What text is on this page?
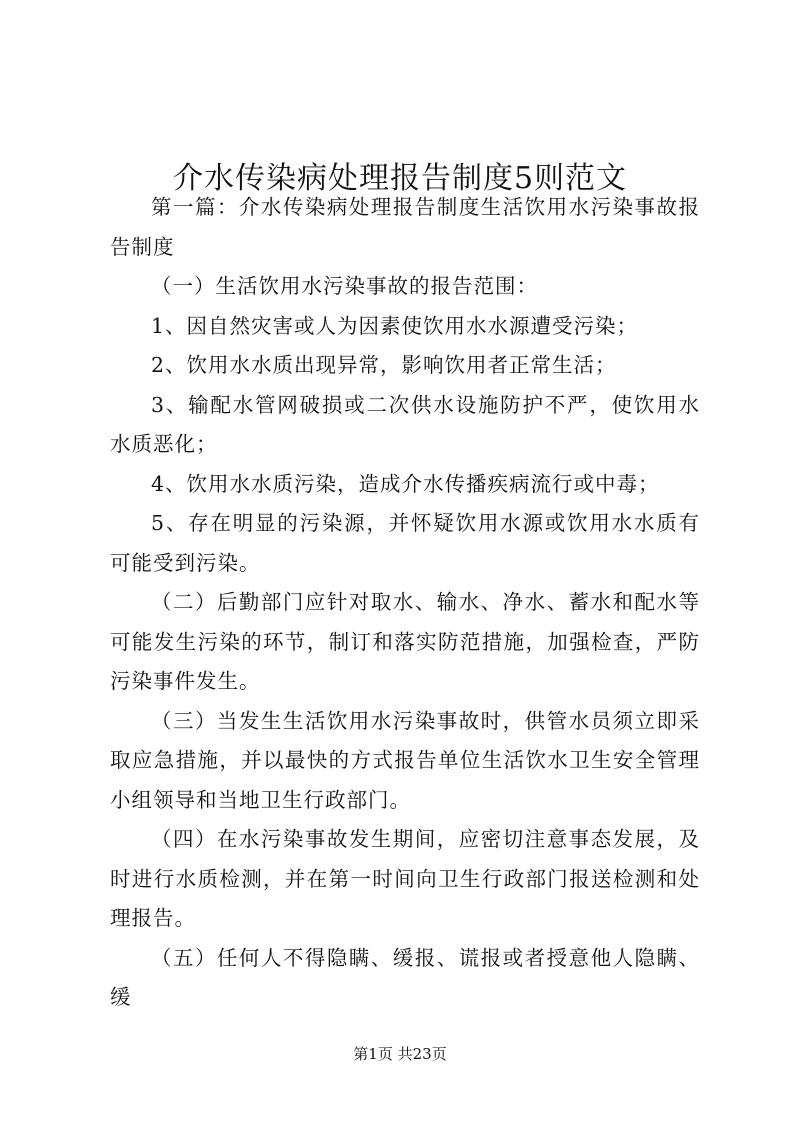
介水传染病处理报告制度5则范文

第一篇：介水传染病处理报告制度生活饮用水污染事故报告制度

（一）生活饮用水污染事故的报告范围：

1、因自然灾害或人为因素使饮用水水源遭受污染；

2、饮用水水质出现异常，影响饮用者正常生活；

3、输配水管网破损或二次供水设施防护不严，使饮用水水质恶化；

4、饮用水水质污染，造成介水传播疾病流行或中毒；

5、存在明显的污染源，并怀疑饮用水源或饮用水水质有可能受到污染。

（二）后勤部门应针对取水、输水、净水、蓄水和配水等可能发生污染的环节，制订和落实防范措施，加强检查，严防污染事件发生。

（三）当发生生活饮用水污染事故时，供管水员须立即采取应急措施，并以最快的方式报告单位生活饮水卫生安全管理小组领导和当地卫生行政部门。

（四）在水污染事故发生期间，应密切注意事态发展，及时进行水质检测，并在第一时间向卫生行政部门报送检测和处理报告。

（五）任何人不得隐瞒、缓报、谎报或者授意他人隐瞒、缓

第1页 共23页
